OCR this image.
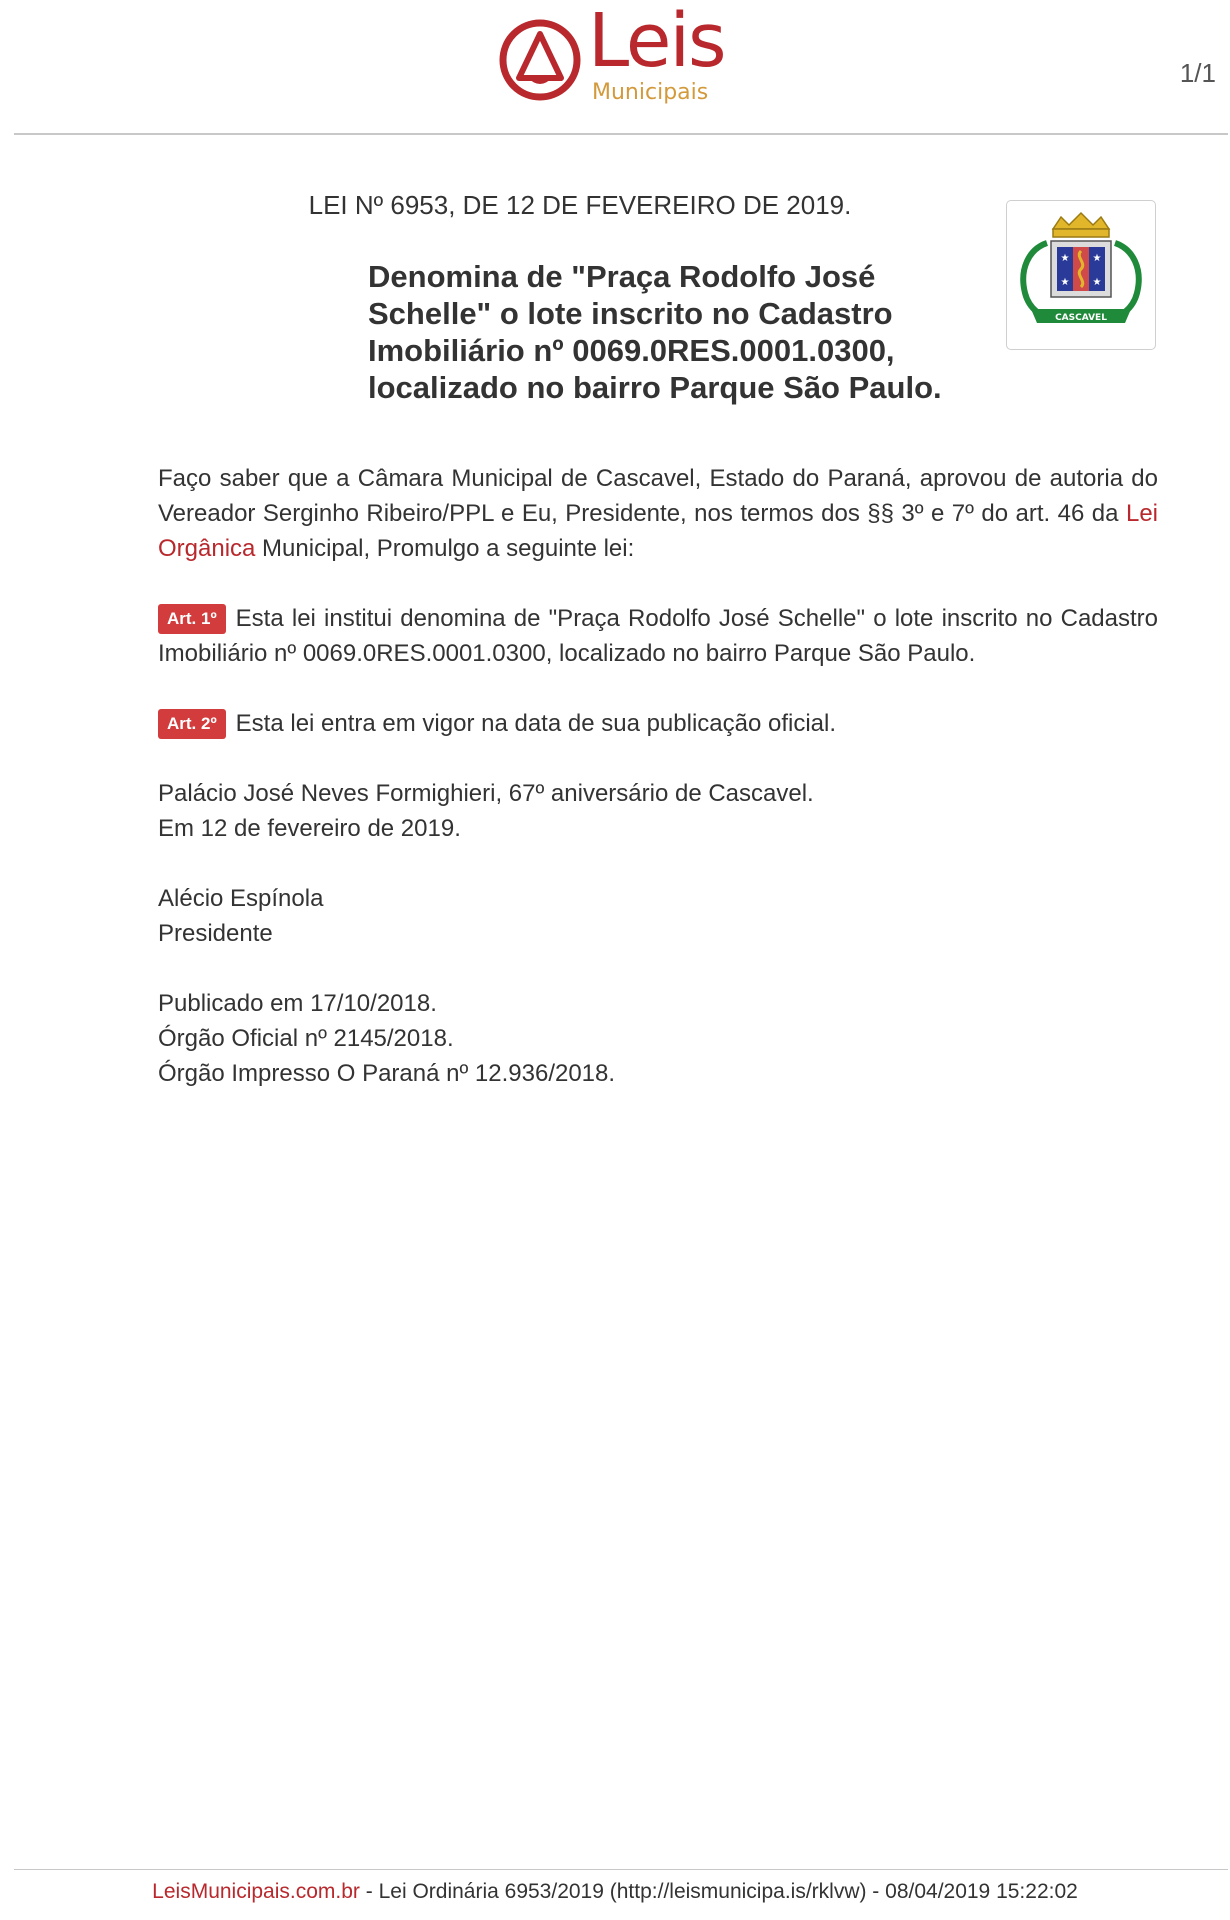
Leis
Municipais
1/1
LEI Nº 6953, DE 12 DE FEVEREIRO DE 2019.
Denomina de "Praça Rodolfo José Schelle" o lote inscrito no Cadastro Imobiliário nº 0069.0RES.0001.0300, localizado no bairro Parque São Paulo.
★ ★
★ ★
CASCAVEL
Faço saber que a Câmara Municipal de Cascavel, Estado do Paraná, aprovou de autoria do Vereador Serginho Ribeiro/PPL e Eu, Presidente, nos termos dos §§ 3º e 7º do art. 46 da Lei Orgânica Municipal, Promulgo a seguinte lei:
Art. 1º Esta lei institui denomina de "Praça Rodolfo José Schelle" o lote inscrito no Cadastro Imobiliário nº 0069.0RES.0001.0300, localizado no bairro Parque São Paulo.
Art. 2º Esta lei entra em vigor na data de sua publicação oficial.
Palácio José Neves Formighieri, 67º aniversário de Cascavel.
Em 12 de fevereiro de 2019.
Alécio Espínola
Presidente
Publicado em 17/10/2018.
Órgão Oficial nº 2145/2018.
Órgão Impresso O Paraná nº 12.936/2018.
LeisMunicipais.com.br - Lei Ordinária 6953/2019 (http://leismunicipa.is/rklvw) - 08/04/2019 15:22:02
